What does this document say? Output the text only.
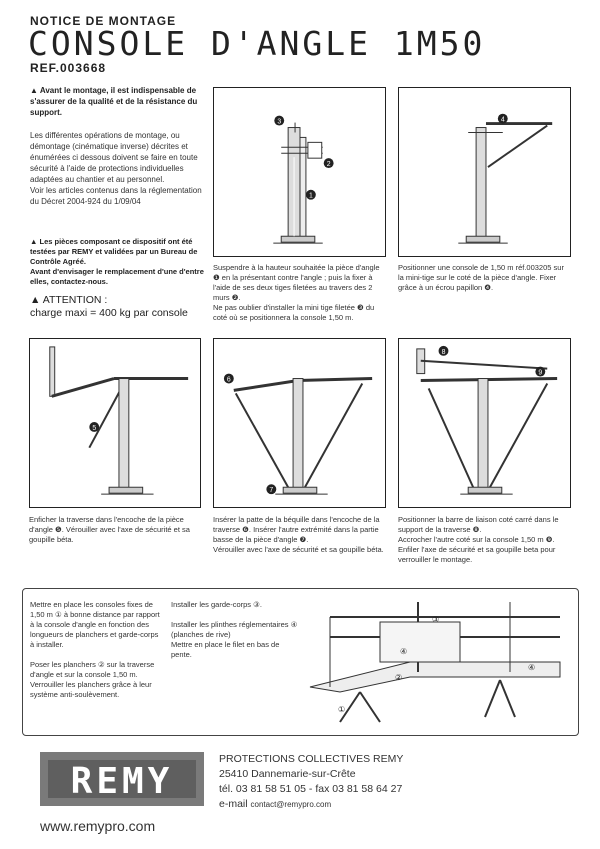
NOTICE DE MONTAGE
CONSOLE D'ANGLE 1M50
REF.003668
▲ Avant le montage, il est indispensable de s'assurer de la qualité et de la résistance du support.
Les différentes opérations de montage, ou démontage (cinématique inverse) décrites et énumérées ci dessous doivent se faire en toute sécurité à l'aide de protections individuelles adaptées au chantier et au personnel.
Voir les articles contenus dans la réglementation du Décret 2004-924 du 1/09/04
▲ Les pièces composant ce dispositif ont été testées par REMY et validées par un Bureau de Contrôle Agréé.
Avant d'envisager le remplacement d'une d'entre elles, contactez-nous.
▲ ATTENTION :
charge maxi = 400 kg par console
3
2
1
Suspendre à la hauteur souhaitée la pièce d'angle ❶ en la présentant contre l'angle ; puis la fixer à l'aide de ses deux tiges filetées au travers des 2 murs ❷.
Ne pas oublier d'installer la mini tige filetée ❸ du coté où se positionnera la console 1,50 m.
4
Positionner une console de 1,50 m réf.003205 sur la mini-tige sur le coté de la pièce d'angle. Fixer grâce à un écrou papillon ❹.
5
Enficher la traverse dans l'encoche de la pièce d'angle ❺. Vérouiller avec l'axe de sécurité et sa goupille béta.
6
7
Insérer la patte de la béquille dans l'encoche de la traverse ❻. Insérer l'autre extrémité dans la partie basse de la pièce d'angle ❼.
Vérouiller avec l'axe de sécurité et sa goupille béta.
8
9
Positionner la barre de liaison coté carré dans le support de la traverse ❽.
Accrocher l'autre coté sur la console 1,50 m ❾. Enfiler l'axe de sécurité et sa goupille beta pour verrouiller le montage.
Mettre en place les consoles fixes de 1,50 m ① à bonne distance par rapport à la console d'angle en fonction des longueurs de planchers et garde-corps à installer.
Poser les planchers ② sur la traverse d'angle et sur la console 1,50 m.
Verrouiller les planchers grâce à leur système anti-soulèvement.
Installer les garde-corps ③.
Installer les plinthes réglementaires ④ (planches de rive)
Mettre en place le filet en bas de pente.
③
④
②
④
①
REMY
PROTECTIONS COLLECTIVES REMY
25410 Dannemarie-sur-Crête
tél. 03 81 58 51 05 - fax 03 81 58 64 27
e-mail contact@remypro.com
www.remypro.com
